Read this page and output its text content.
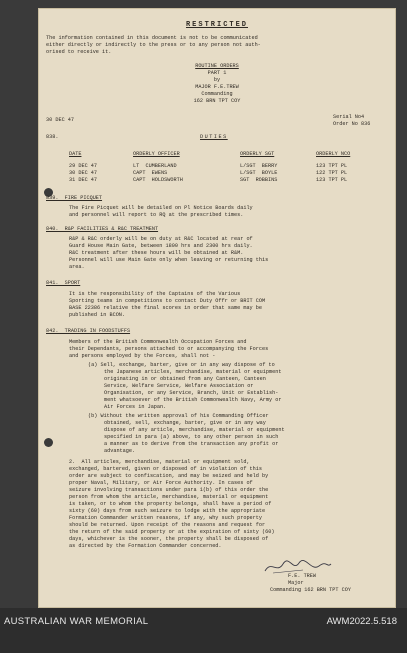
RESTRICTED
The information contained in this document is not to be communicated
either directly or indirectly to the press or to any person not auth-
orised to receive it.
ROUTINE ORDERS
PART 1
by
MAJOR F.E.TREW
Commanding
162 BRN TPT COY
30 DEC 47	Serial No4
Order No 836
838.	DUTIES
DATE	ORDERLY OFFICER	ORDERLY SGT	ORDERLY NCO
29 DEC 47	LT  CUMBERLAND	L/SGT  BERRY	123 TPT PL
30 DEC 47	CAPT  EWENS	L/SGT  BOYLE	122 TPT PL
31 DEC 47	CAPT  HOLDSWORTH	SGT  ROBBINS	123 TPT PL
839.  FIRE PICQUET
The Fire Picquet will be detailed on Pl Notice Boards daily
and personnel will report to RQ at the prescribed times.
840.  R&P FACILITIES & R&C TREATMENT
R&P & R&C orderly will be on duty at R&C located at rear of
Guard House Main Gate, between 1800 hrs and 2300 hrs daily.
R&C treatment after these hours will be obtained at R&M.
Personnel will use Main Gate only when leaving or returning this
area.
841.  SPORT
It is the responsibility of the Captains of the Various
Sporting teams in competitions to contact Duty Offr or BRIT COM
BASE 22386 relative the final scores in order that same may be
published in BCON.
842.  TRADING IN FOODSTUFFS
Members of the British Commonwealth Occupation Forces and
their Dependants, persons attached to or accompanying the Forces
and persons employed by the Forces, shall not -
(a) Sell, exchange, barter, give or in any way dispose of to
the Japanese articles, merchandise, material or equipment
originating in or obtained from any Canteen, Canteen
Service, Welfare Service, Welfare Association or
Organisation, or any Service, Branch, Unit or Establish-
ment whatsoever of the British Commonwealth Navy, Army or
Air Forces in Japan.
(b) Without the written approval of his Commanding Officer
obtained, sell, exchange, barter, give or in any way
dispose of any article, merchandise, material or equipment
specified in para (a) above, to any other person in such
a manner as to derive from the transaction any profit or
advantage.
2.  All articles, merchandise, material or equipment sold,
exchanged, bartered, given or disposed of in violation of this
order are subject to confiscation, and may be seized and held by
proper Naval, Military, or Air Force Authority. In cases of
seizure involving transactions under para 1(b) of this order the
person from whom the article, merchandise, material or equipment
is taken, or to whom the property belongs, shall have a period of
sixty (60) days from such seizure to lodge with the appropriate
Formation Commander written reasons, if any, why such property
should be returned. Upon receipt of the reasons and request for
the return of the said property or at the expiration of sixty (60)
days, whichever is the sooner, the property shall be disposed of
as directed by the Formation Commander concerned.
F.E. TREW
Major
Commanding 162 BRN TPT COY
AUSTRALIAN WAR MEMORIAL	AWM2022.5.518
